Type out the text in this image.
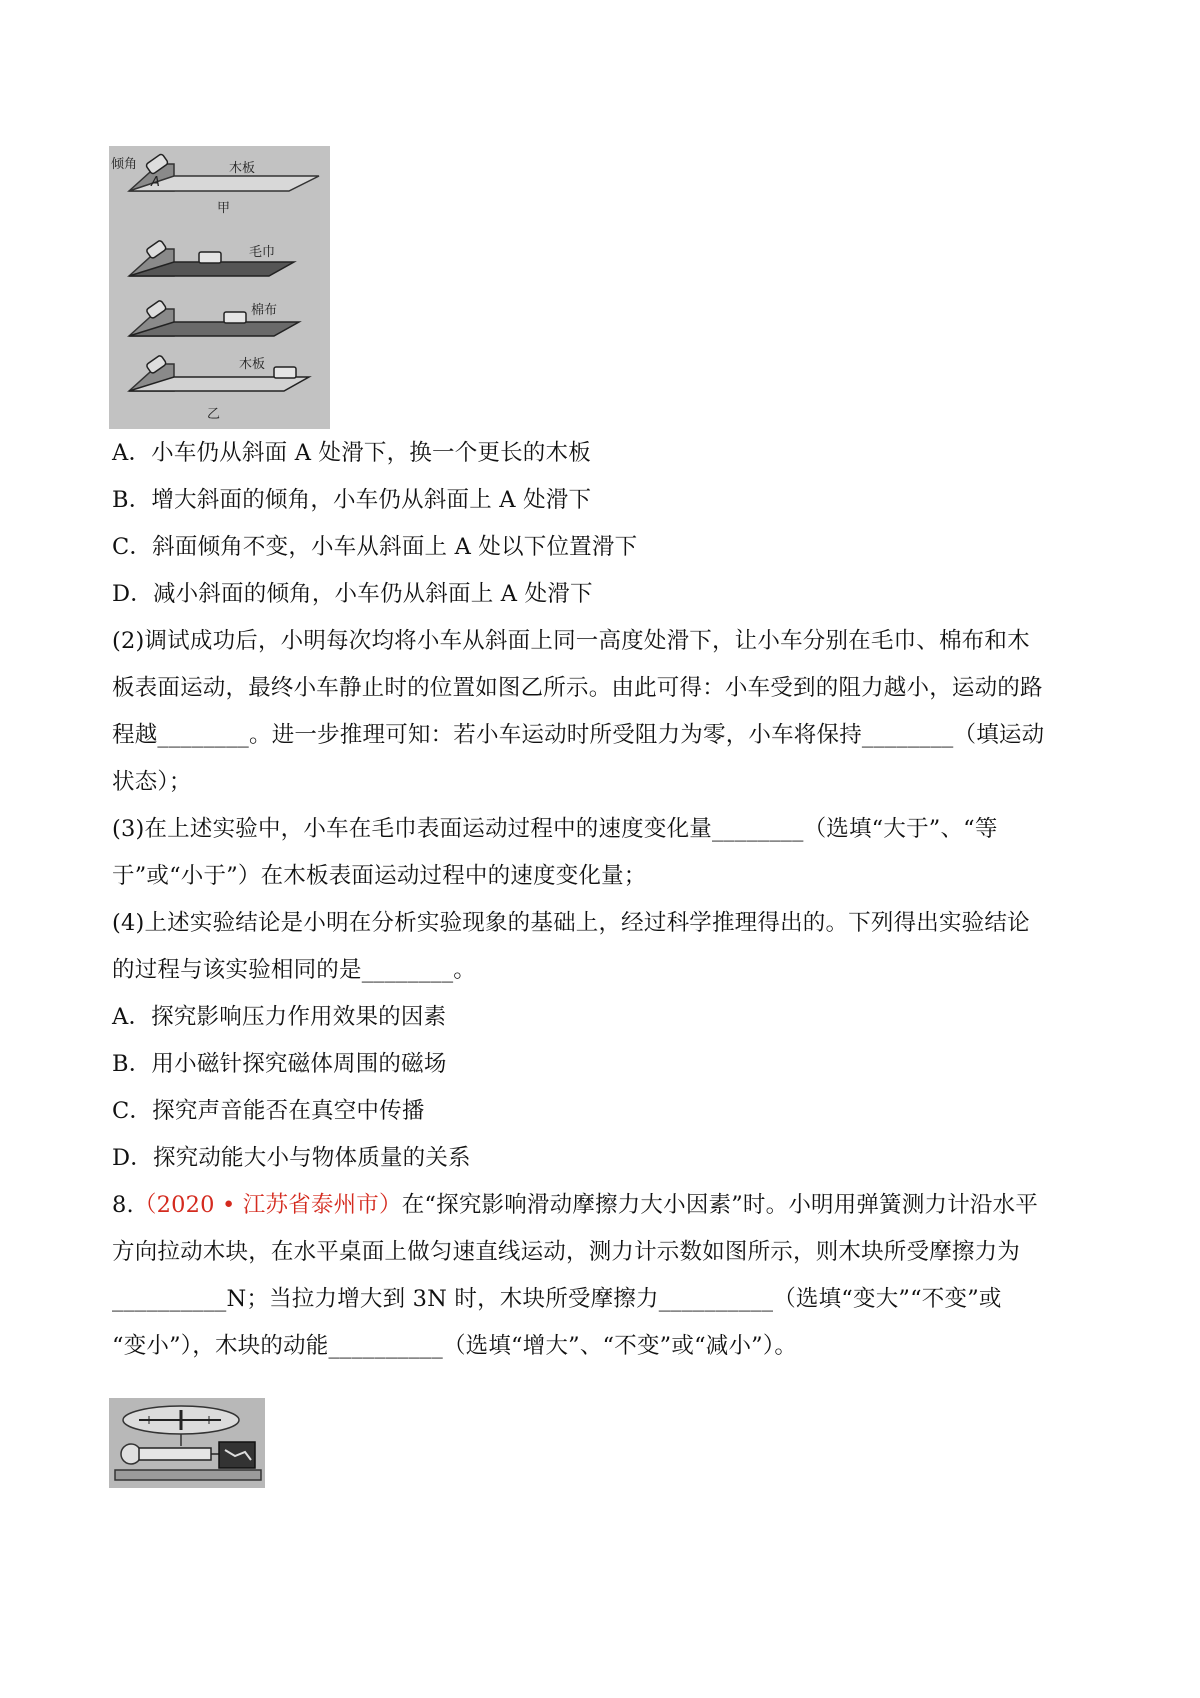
倾角
A
木板
甲
毛巾
棉布
木板
乙
A．小车仍从斜面 A 处滑下，换一个更长的木板
B．增大斜面的倾角，小车仍从斜面上 A 处滑下
C．斜面倾角不变，小车从斜面上 A 处以下位置滑下
D．减小斜面的倾角，小车仍从斜面上 A 处滑下
(2)调试成功后，小明每次均将小车从斜面上同一高度处滑下，让小车分别在毛巾、棉布和木
板表面运动，最终小车静止时的位置如图乙所示。由此可得：小车受到的阻力越小，运动的路
程越________。进一步推理可知：若小车运动时所受阻力为零，小车将保持________（填运动
状态）；
(3)在上述实验中，小车在毛巾表面运动过程中的速度变化量________（选填“大于”、“等
于”或“小于”）在木板表面运动过程中的速度变化量；
(4)上述实验结论是小明在分析实验现象的基础上，经过科学推理得出的。下列得出实验结论
的过程与该实验相同的是________。
A．探究影响压力作用效果的因素
B．用小磁针探究磁体周围的磁场
C．探究声音能否在真空中传播
D．探究动能大小与物体质量的关系
8.（2020 • 江苏省泰州市）在“探究影响滑动摩擦力大小因素”时。小明用弹簧测力计沿水平
方向拉动木块，在水平桌面上做匀速直线运动，测力计示数如图所示，则木块所受摩擦力为
__________N；当拉力增大到 3N 时，木块所受摩擦力__________（选填“变大”“不变”或
“变小”），木块的动能__________（选填“增大”、“不变”或“减小”）。
